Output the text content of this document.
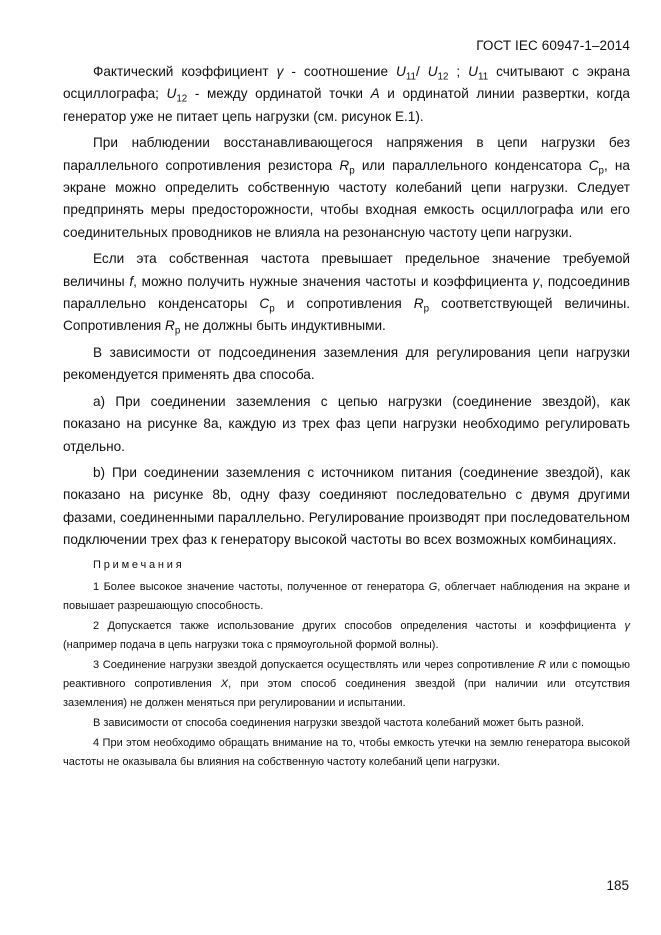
ГОСТ IEC 60947-1–2014

Фактический коэффициент γ - соотношение $U_{11}/$ $U_{12}$ ; $U_{11}$ считывают с экрана осциллографа; $U_{12}$ - между ординатой точки A и ординатой линии развертки, когда генератор уже не питает цепь нагрузки (см. рисунок Е.1).

При наблюдении восстанавливающегося напряжения в цепи нагрузки без параллельного сопротивления резистора $R_p$ или параллельного конденсатора $C_p$, на экране можно определить собственную частоту колебаний цепи нагрузки. Следует предпринять меры предосторожности, чтобы входная емкость осциллографа или его соединительных проводников не влияла на резонансную частоту цепи нагрузки.

Если эта собственная частота превышает предельное значение требуемой величины f, можно получить нужные значения частоты и коэффициента γ, подсоединив параллельно конденсаторы $C_p$ и сопротивления $R_p$ соответствующей величины. Сопротивления $R_p$ не должны быть индуктивными.

В зависимости от подсоединения заземления для регулирования цепи нагрузки рекомендуется применять два способа.

a) При соединении заземления с цепью нагрузки (соединение звездой), как показано на рисунке 8а, каждую из трех фаз цепи нагрузки необходимо регулировать отдельно.

b) При соединении заземления с источником питания (соединение звездой), как показано на рисунке 8b, одну фазу соединяют последовательно с двумя другими фазами, соединенными параллельно. Регулирование производят при последовательном подключении трех фаз к генератору высокой частоты во всех возможных комбинациях.

Примечания

1 Более высокое значение частоты, полученное от генератора G, облегчает наблюдения на экране и повышает разрешающую способность.

2 Допускается также использование других способов определения частоты и коэффициента γ (например подача в цепь нагрузки тока с прямоугольной формой волны).

3 Соединение нагрузки звездой допускается осуществлять или через сопротивление R или с помощью реактивного сопротивления X, при этом способ соединения звездой (при наличии или отсутствия заземления) не должен меняться при регулировании и испытании.

В зависимости от способа соединения нагрузки звездой частота колебаний может быть разной.

4 При этом необходимо обращать внимание на то, чтобы емкость утечки на землю генератора высокой частоты не оказывала бы влияния на собственную частоту колебаний цепи нагрузки.

185
